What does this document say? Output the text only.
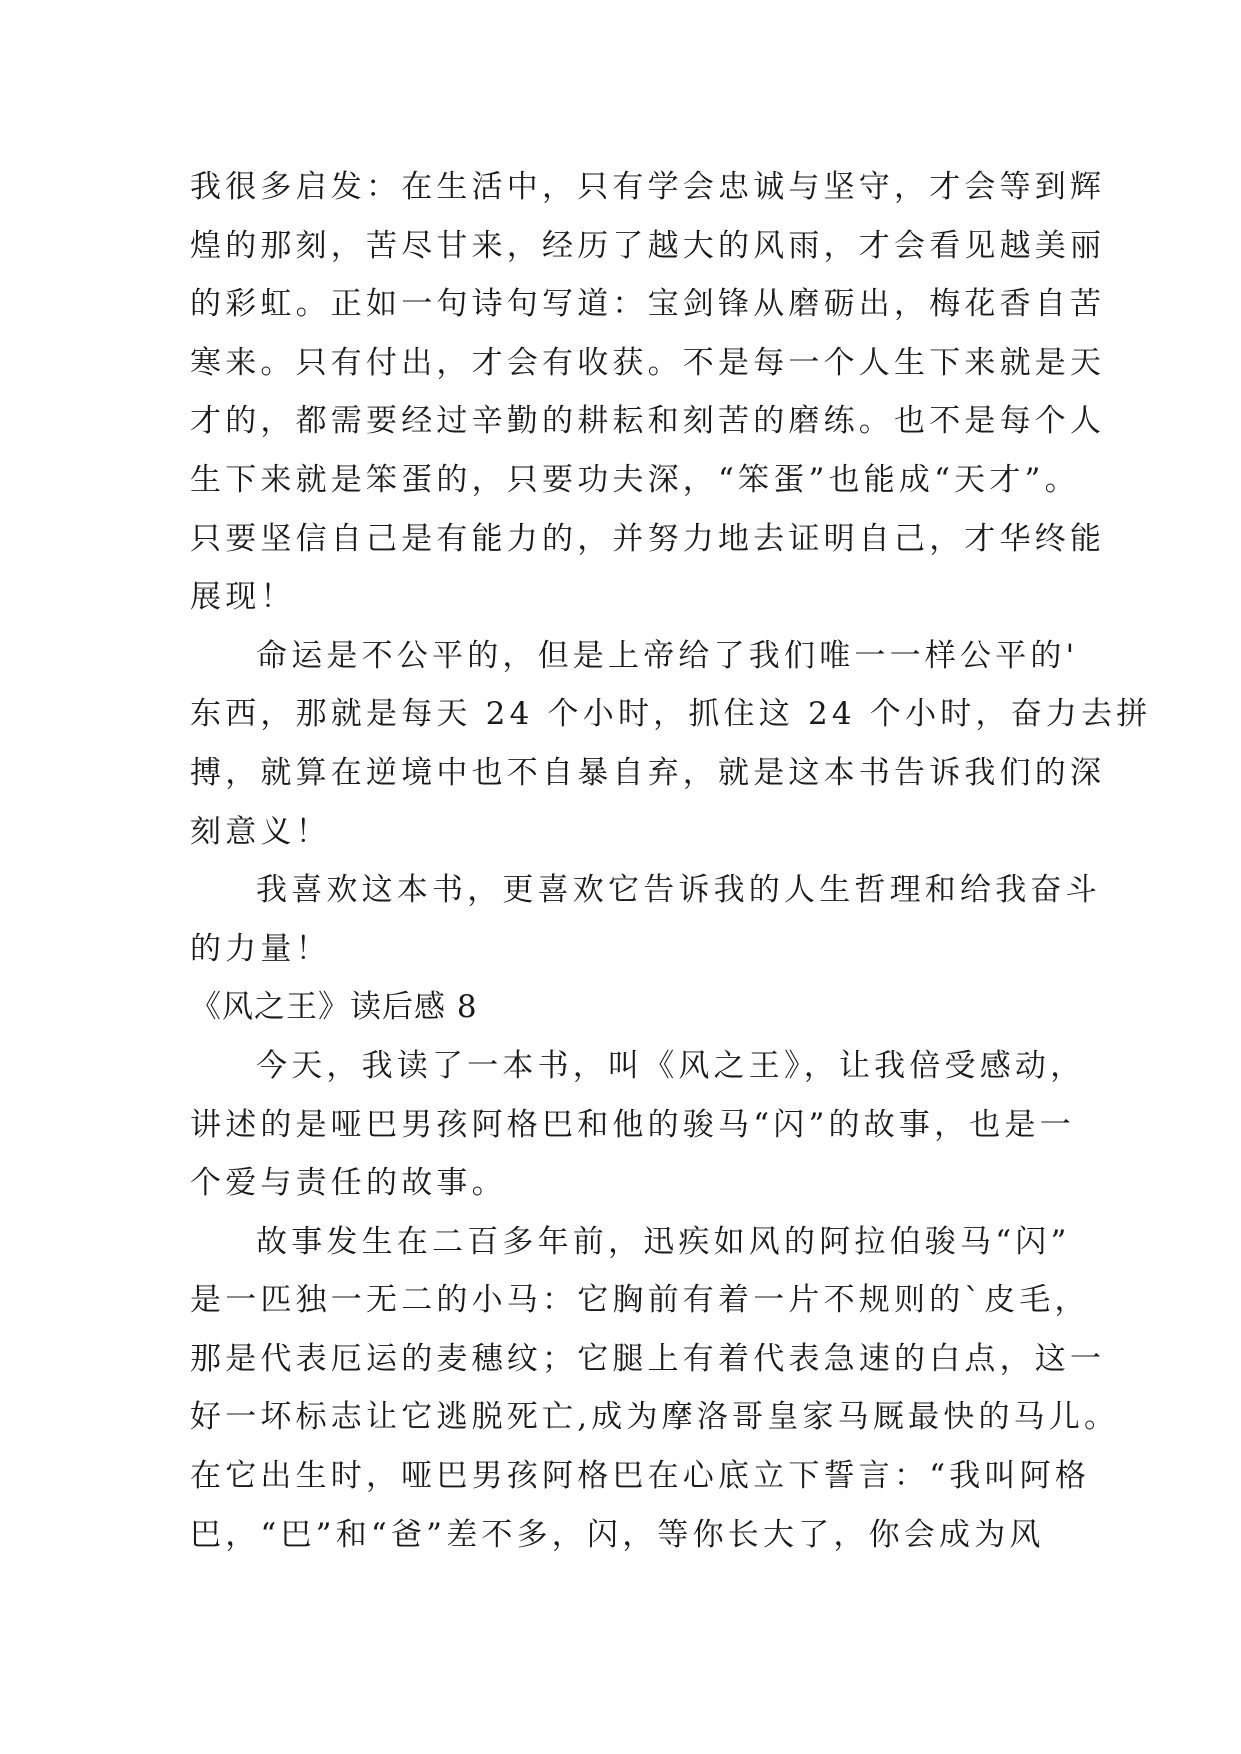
我很多启发：在生活中，只有学会忠诚与坚守，才会等到辉
煌的那刻，苦尽甘来，经历了越大的风雨，才会看见越美丽
的彩虹。正如一句诗句写道：宝剑锋从磨砺出，梅花香自苦
寒来。只有付出，才会有收获。不是每一个人生下来就是天
才的，都需要经过辛勤的耕耘和刻苦的磨练。也不是每个人
生下来就是笨蛋的，只要功夫深，“笨蛋”也能成“天才”。
只要坚信自己是有能力的，并努力地去证明自己，才华终能
展现！
命运是不公平的，但是上帝给了我们唯一一样公平的'
东西，那就是每天 24 个小时，抓住这 24 个小时，奋力去拼
搏，就算在逆境中也不自暴自弃，就是这本书告诉我们的深
刻意义！
我喜欢这本书，更喜欢它告诉我的人生哲理和给我奋斗
的力量！
《风之王》读后感 8
今天，我读了一本书，叫《风之王》，让我倍受感动，
讲述的是哑巴男孩阿格巴和他的骏马“闪”的故事，也是一
个爱与责任的故事。
故事发生在二百多年前，迅疾如风的阿拉伯骏马“闪”
是一匹独一无二的小马：它胸前有着一片不规则的`皮毛，
那是代表厄运的麦穗纹；它腿上有着代表急速的白点，这一
好一坏标志让它逃脱死亡,成为摩洛哥皇家马厩最快的马儿。
在它出生时，哑巴男孩阿格巴在心底立下誓言：“我叫阿格
巴，“巴”和“爸”差不多，闪，等你长大了，你会成为风
